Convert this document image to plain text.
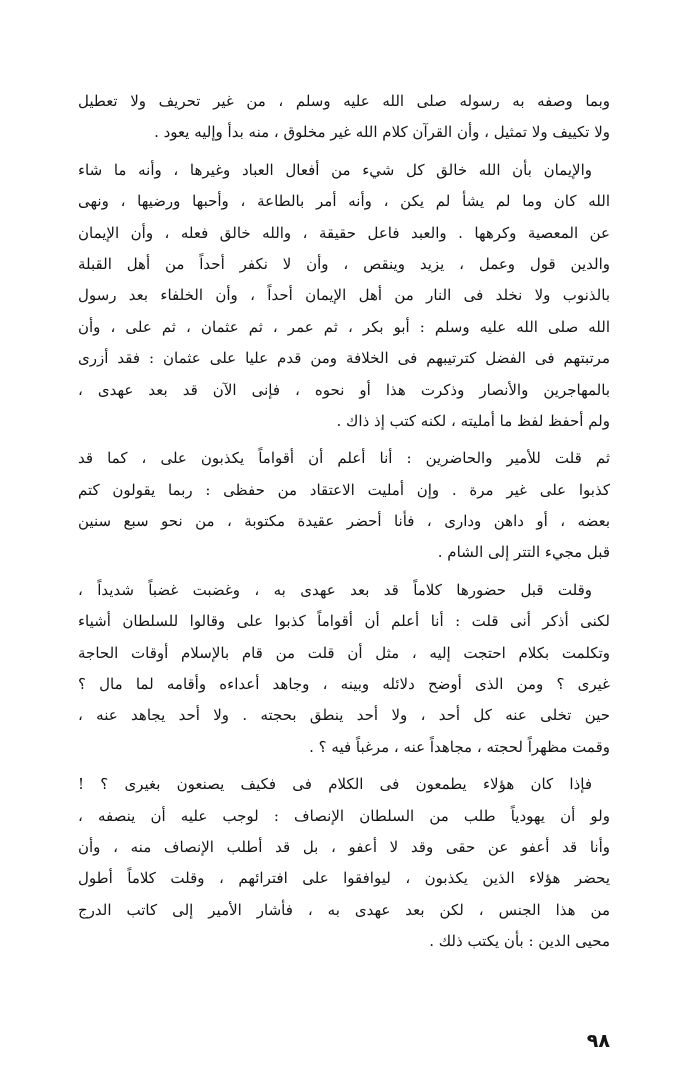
وبما وصفه به رسوله صلى الله عليه وسلم ، من غير تحريف ولا تعطيل
ولا تكييف ولا تمثيل ، وأن القرآن كلام الله غير مخلوق ، منه بدأ وإليه يعود .
والإيمان بأن الله خالق كل شيء من أفعال العباد وغيرها ، وأنه ما شاء
الله كان وما لم يشأ لم يكن ، وأنه أمر بالطاعة ، وأحبها ورضيها ، ونهى
عن المعصية وكرهها . والعبد فاعل حقيقة ، والله خالق فعله ، وأن الإيمان
والدين قول وعمل ، يزيد وينقص ، وأن لا نكفر أحداً من أهل القبلة
بالذنوب ولا نخلد فى النار من أهل الإيمان أحداً ، وأن الخلفاء بعد رسول
الله صلى الله عليه وسلم : أبو بكر ، ثم عمر ، ثم عثمان ، ثم على ، وأن
مرتبتهم فى الفضل كترتيبهم فى الخلافة ومن قدم عليا على عثمان : فقد أزرى
بالمهاجرين والأنصار وذكرت هذا أو نحوه ، فإنى الآن قد بعد عهدى ،
ولم أحفظ لفظ ما أمليته ، لكنه كتب إذ ذاك .
ثم قلت للأمير والحاضرين : أنا أعلم أن أقواماً يكذبون على ، كما قد
كذبوا على غير مرة . وإن أمليت الاعتقاد من حفظى : ربما يقولون كتم
بعضه ، أو داهن ودارى ، فأنا أحضر عقيدة مكتوبة ، من نحو سبع سنين
قبل مجيء التتر إلى الشام .
وقلت قبل حضورها كلاماً قد بعد عهدى به ، وغضبت غضباً شديداً ،
لكنى أذكر أنى قلت : أنا أعلم أن أقواماً كذبوا على وقالوا للسلطان أشياء
وتكلمت بكلام احتجت إليه ، مثل أن قلت من قام بالإسلام أوقات الحاجة
غيرى ؟ ومن الذى أوضح دلائله وبينه ، وجاهد أعداءه وأقامه لما مال ؟
حين تخلى عنه كل أحد ، ولا أحد ينطق بحجته . ولا أحد يجاهد عنه ،
وقمت مظهراً لحجته ، مجاهداً عنه ، مرغباً فيه ؟ .
فإذا كان هؤلاء يطمعون فى الكلام فى فكيف يصنعون بغيرى ؟ !
ولو أن يهودياً طلب من السلطان الإنصاف : لوجب عليه أن ينصفه ،
وأنا قد أعفو عن حقى وقد لا أعفو ، بل قد أطلب الإنصاف منه ، وأن
يحضر هؤلاء الذين يكذبون ، ليوافقوا على افترائهم ، وقلت كلاماً أطول
من هذا الجنس ، لكن بعد عهدى به ، فأشار الأمير إلى كاتب الدرج
محيى الدين : بأن يكتب ذلك .
٩٨
